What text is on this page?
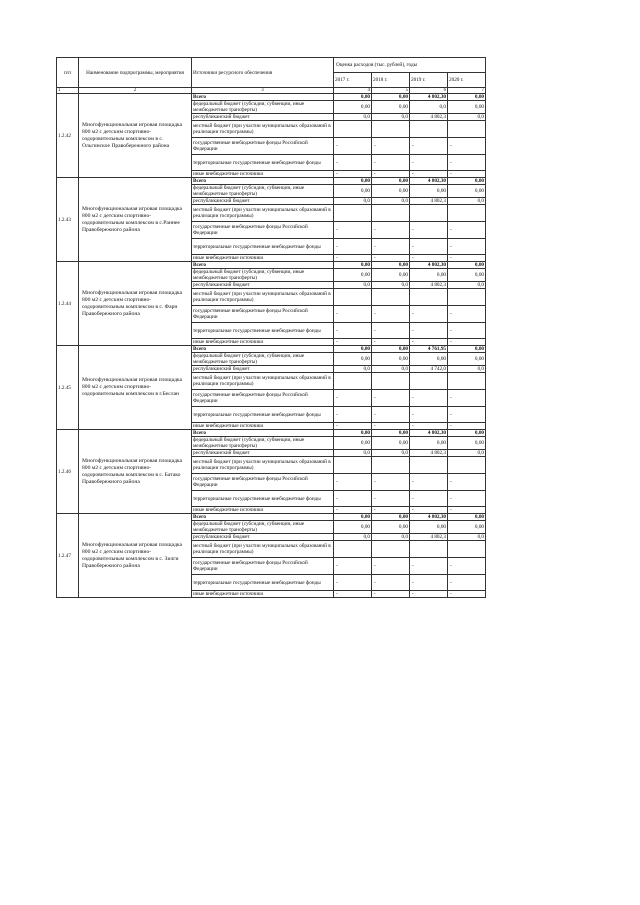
п/п	Наименование подпрограммы, мероприятия	Источники ресурсного обеспечения	Оценка расходов (тыс. рублей), годы			
			2017 г.	2018 г.	2019 г.	2020 г.
1	2	3	4	5	6	7
1.2.42	Многофункциональная игровая площадка 800 м2 с детским спортивно-оздоровительным комплексом в с. Ольгинское Правобережного района	Всего	0,00	0,00	4 802,30	0,00
		федеральный бюджет (субсидии, субвенции, иные межбюджетные трансферты)	0,00	0,00	0,0	0,00
		республиканский бюджет	0,0	0,0	4 802,3	0,0
		местный бюджет (при участии муниципальных образований в реализации госпрограммы)				
		государственные внебюджетные фонды Российской Федерации	-	-	-	-
		территориальные государственные внебюджетные фонды	-	-	-	-
		иные внебюджетные источники	-	-	-	-
1.2.43	Многофункциональная игровая площадка 800 м2 с детским спортивно-оздоровительным комплексом в с.Раннее Правобережного района	Всего	0,00	0,00	4 802,30	0,00
		федеральный бюджет (субсидии, субвенции, иные межбюджетные трансферты)	0,00	0,00	0,00	0,00
		республиканский бюджет	0,0	0,0	4 802,3	0,0
		местный бюджет (при участии муниципальных образований в реализации госпрограммы)				
		государственные внебюджетные фонды Российской Федерации	-	-	-	-
		территориальные государственные внебюджетные фонды	-	-	-	-
		иные внебюджетные источники	-	-	-	-
1.2.44	Многофункциональная игровая площадка 800 м2 с детским спортивно-оздоровительным комплексом в с. Фарн Правобережного района	Всего	0,00	0,00	4 802,30	0,00
		федеральный бюджет (субсидии, субвенции, иные межбюджетные трансферты)	0,00	0,00	0,00	0,00
		республиканский бюджет	0,0	0,0	4 802,3	0,0
		местный бюджет (при участии муниципальных образований в реализации госпрограммы)				
		государственные внебюджетные фонды Российской Федерации	-	-	-	-
		территориальные государственные внебюджетные фонды	-	-	-	-
		иные внебюджетные источники	-	-	-	-
1.2.45	Многофункциональная игровая площадка 800 м2 с детским спортивно-оздоровительным комплексом в г.Беслан	Всего	0,00	0,00	4 761,95	0,00
		федеральный бюджет (субсидии, субвенции, иные межбюджетные трансферты)	0,00	0,00	0,00	0,00
		республиканский бюджет	0,0	0,0	4 742,0	0,0
		местный бюджет (при участии муниципальных образований в реализации госпрограммы)				
		государственные внебюджетные фонды Российской Федерации	-	-	-	-
		территориальные государственные внебюджетные фонды	-	-	-	-
		иные внебюджетные источники	-	-	-	-
1.2.46	Многофункциональная игровая площадка 800 м2 с детским спортивно-оздоровительным комплексом в с. Батако Правобережного района	Всего	0,00	0,00	4 802,30	0,00
		федеральный бюджет (субсидии, субвенции, иные межбюджетные трансферты)	0,00	0,00	0,00	0,00
		республиканский бюджет	0,0	0,0	4 802,3	0,0
		местный бюджет (при участии муниципальных образований в реализации госпрограммы)				
		государственные внебюджетные фонды Российской Федерации	-	-	-	-
		территориальные государственные внебюджетные фонды	-	-	-	-
		иные внебюджетные источники	-	-	-	-
1.2.47	Многофункциональная игровая площадка 800 м2 с детским спортивно-оздоровительным комплексом в с. Зилги Правобережного района	Всего	0,00	0,00	4 802,30	0,00
		федеральный бюджет (субсидии, субвенции, иные межбюджетные трансферты)	0,00	0,00	0,00	0,00
		республиканский бюджет	0,0	0,0	4 802,3	0,0
		местный бюджет (при участии муниципальных образований в реализации госпрограммы)				
		государственные внебюджетные фонды Российской Федерации	-	-	-	-
		территориальные государственные внебюджетные фонды	-	-	-	-
		иные внебюджетные источники	-	-	-	-
